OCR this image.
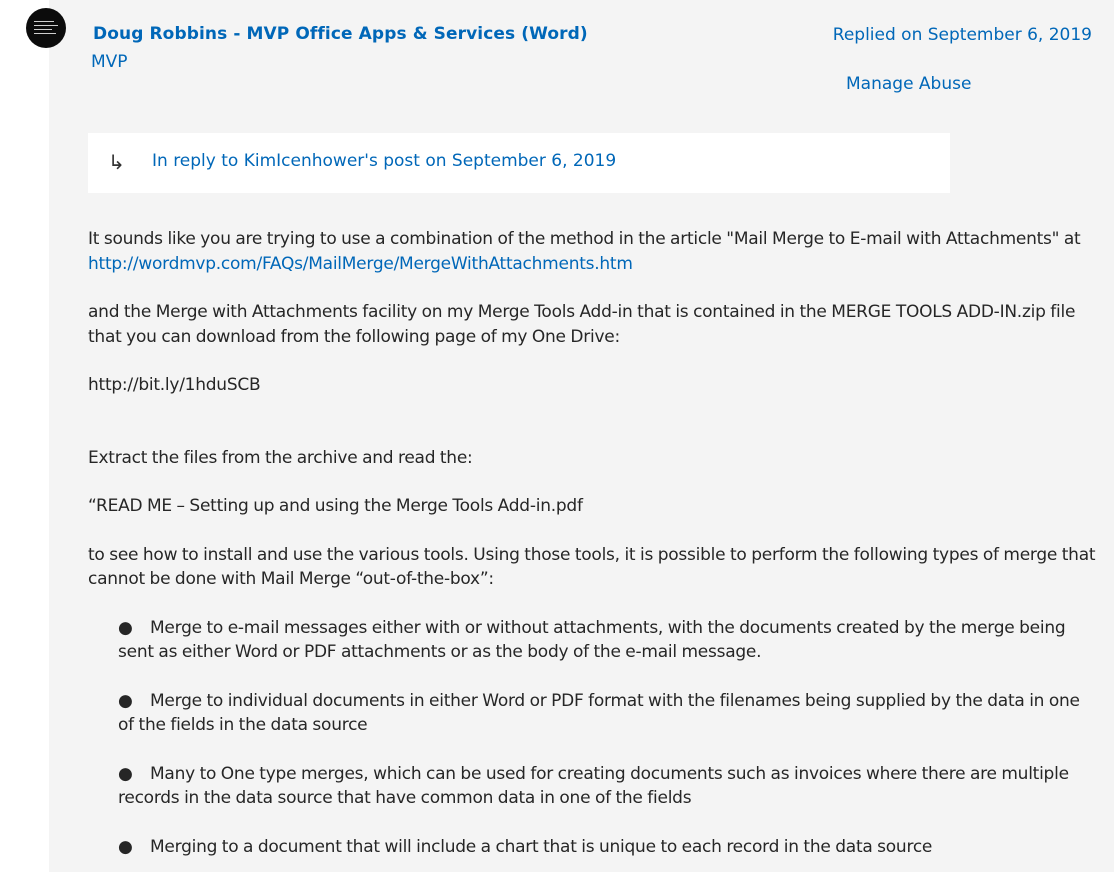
Doug Robbins - MVP Office Apps & Services (Word)
MVP
Replied on September 6, 2019
Manage Abuse
↳ In reply to KimIcenhower's post on September 6, 2019

It sounds like you are trying to use a combination of the method in the article "Mail Merge to E-mail with Attachments" at
http://wordmvp.com/FAQs/MailMerge/MergeWithAttachments.htm

and the Merge with Attachments facility on my Merge Tools Add-in that is contained in the MERGE TOOLS ADD-IN.zip file that you can download from the following page of my One Drive:

http://bit.ly/1hduSCB

Extract the files from the archive and read the:

“READ ME – Setting up and using the Merge Tools Add-in.pdf

to see how to install and use the various tools. Using those tools, it is possible to perform the following types of merge that cannot be done with Mail Merge “out-of-the-box”:

● Merge to e-mail messages either with or without attachments, with the documents created by the merge being sent as either Word or PDF attachments or as the body of the e-mail message.
● Merge to individual documents in either Word or PDF format with the filenames being supplied by the data in one of the fields in the data source
● Many to One type merges, which can be used for creating documents such as invoices where there are multiple records in the data source that have common data in one of the fields
● Merging to a document that will include a chart that is unique to each record in the data source
